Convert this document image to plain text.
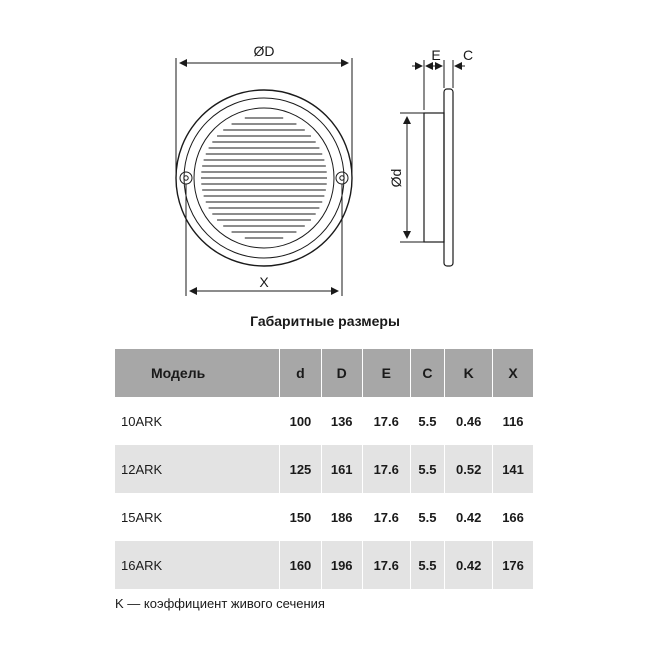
ØD
X
Ød
E C
Габаритные размеры
Модель	d	D	E	C	K	X
10ARK	100	136	17.6	5.5	0.46	116
12ARK	125	161	17.6	5.5	0.52	141
15ARK	150	186	17.6	5.5	0.42	166
16ARK	160	196	17.6	5.5	0.42	176
K — коэффициент живого сечения
